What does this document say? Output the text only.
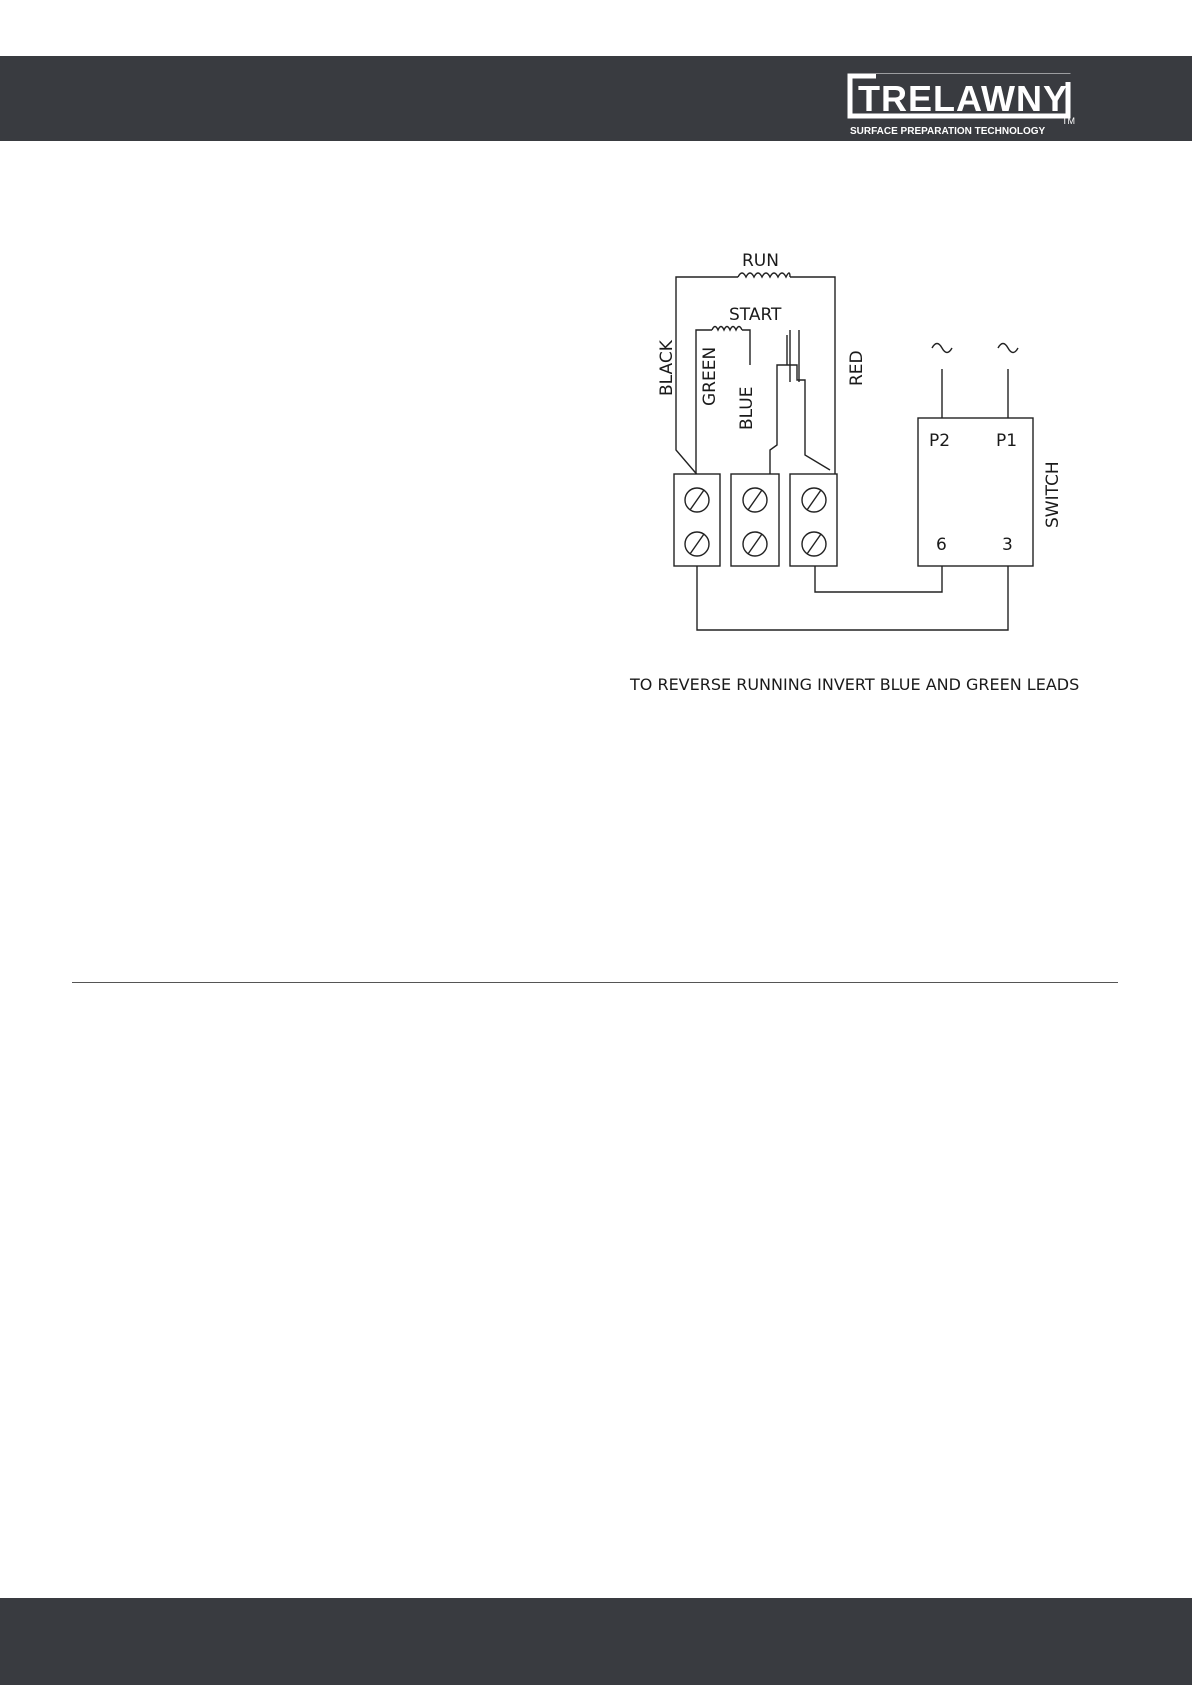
TRELAWNY
TM
SURFACE PREPARATION TECHNOLOGY
RUN
START
BLACK GREEN
BLUE
RED
SWITCH
P2	P1
6	3
TO REVERSE RUNNING INVERT BLUE AND GREEN LEADS
